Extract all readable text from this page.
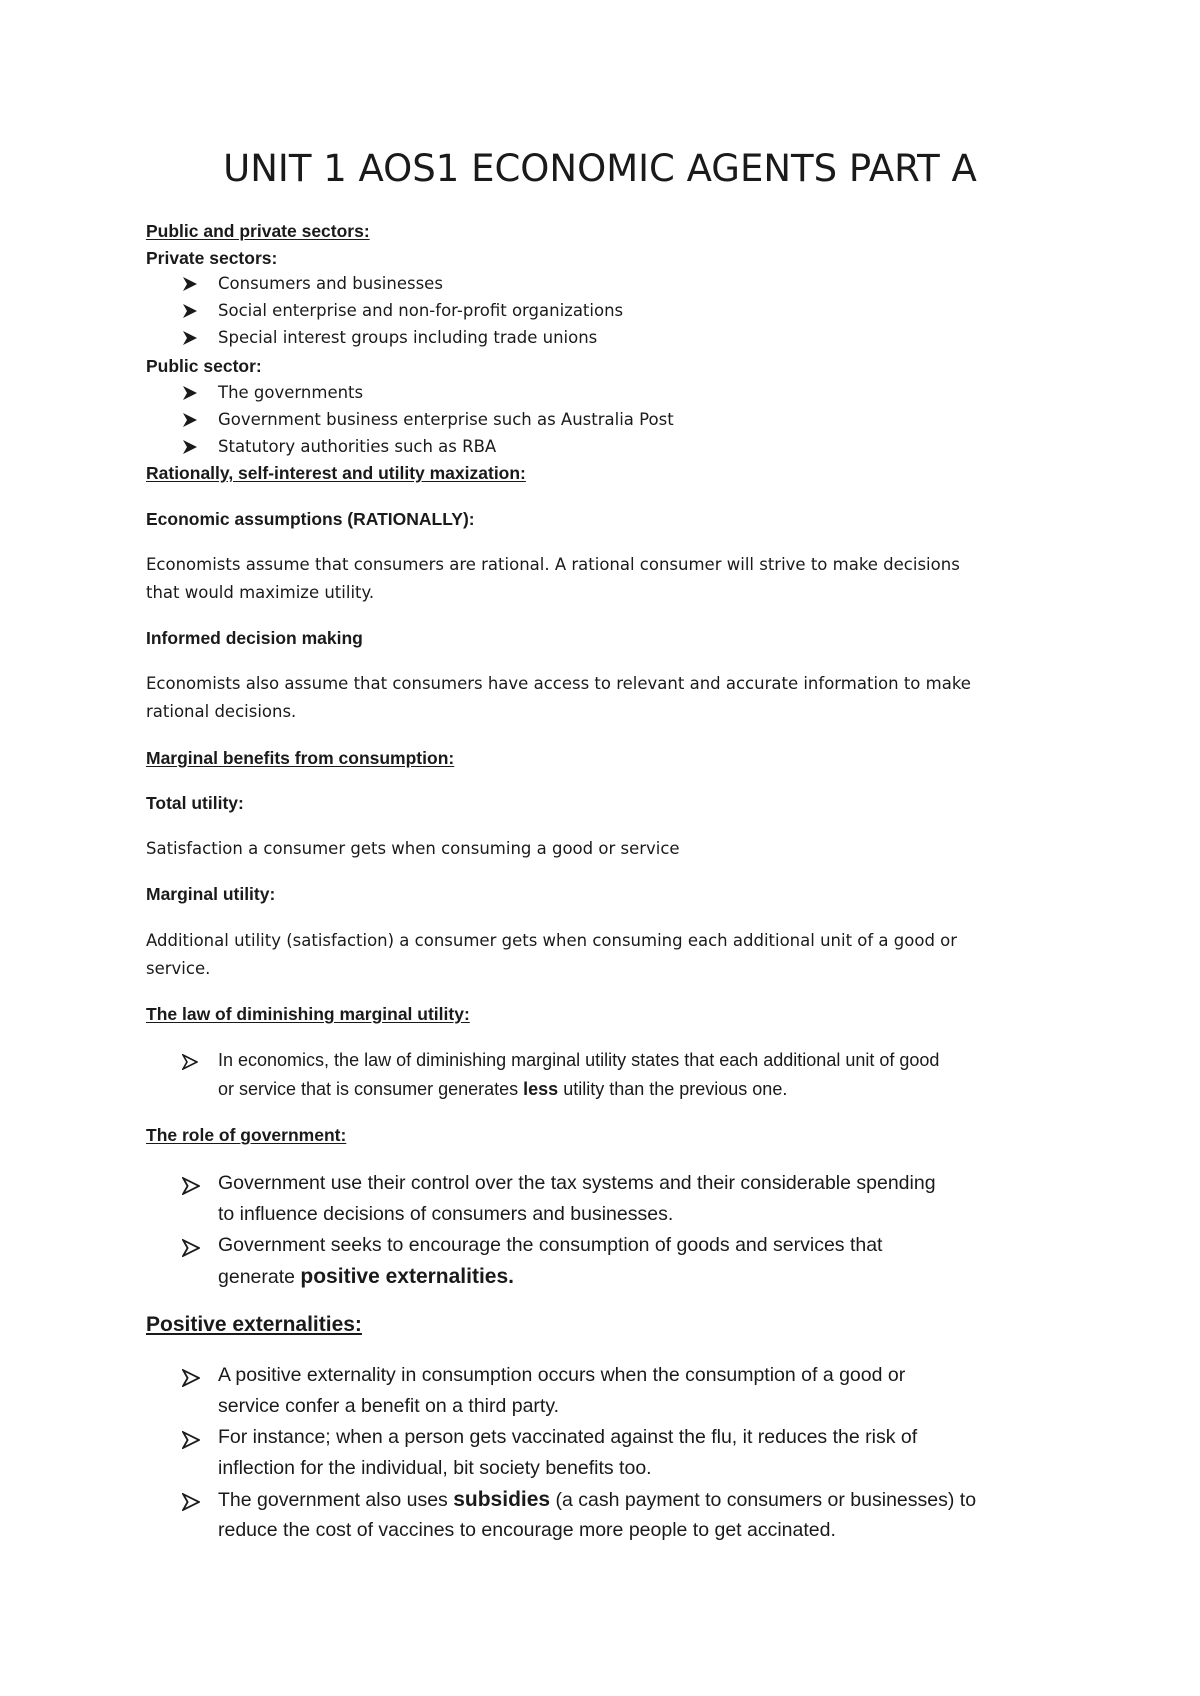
UNIT 1 AOS1 ECONOMIC AGENTS PART A
Public and private sectors:
Private sectors:
Consumers and businesses
Social enterprise and non-for-profit organizations
Special interest groups including trade unions
Public sector:
The governments
Government business enterprise such as Australia Post
Statutory authorities such as RBA
Rationally, self-interest and utility maxization:
Economic assumptions (RATIONALLY):
Economists assume that consumers are rational. A rational consumer will strive to make decisions
that would maximize utility.
Informed decision making
Economists also assume that consumers have access to relevant and accurate information to make
rational decisions.
Marginal benefits from consumption:
Total utility:
Satisfaction a consumer gets when consuming a good or service
Marginal utility:
Additional utility (satisfaction) a consumer gets when consuming each additional unit of a good or
service.
The law of diminishing marginal utility:
In economics, the law of diminishing marginal utility states that each additional unit of good
or service that is consumer generates less utility than the previous one.
The role of government:
Government use their control over the tax systems and their considerable spending
to influence decisions of consumers and businesses.
Government seeks to encourage the consumption of goods and services that
generate positive externalities.
Positive externalities:
A positive externality in consumption occurs when the consumption of a good or
service confer a benefit on a third party.
For instance; when a person gets vaccinated against the flu, it reduces the risk of
inflection for the individual, bit society benefits too.
The government also uses subsidies (a cash payment to consumers or businesses) to
reduce the cost of vaccines to encourage more people to get accinated.
